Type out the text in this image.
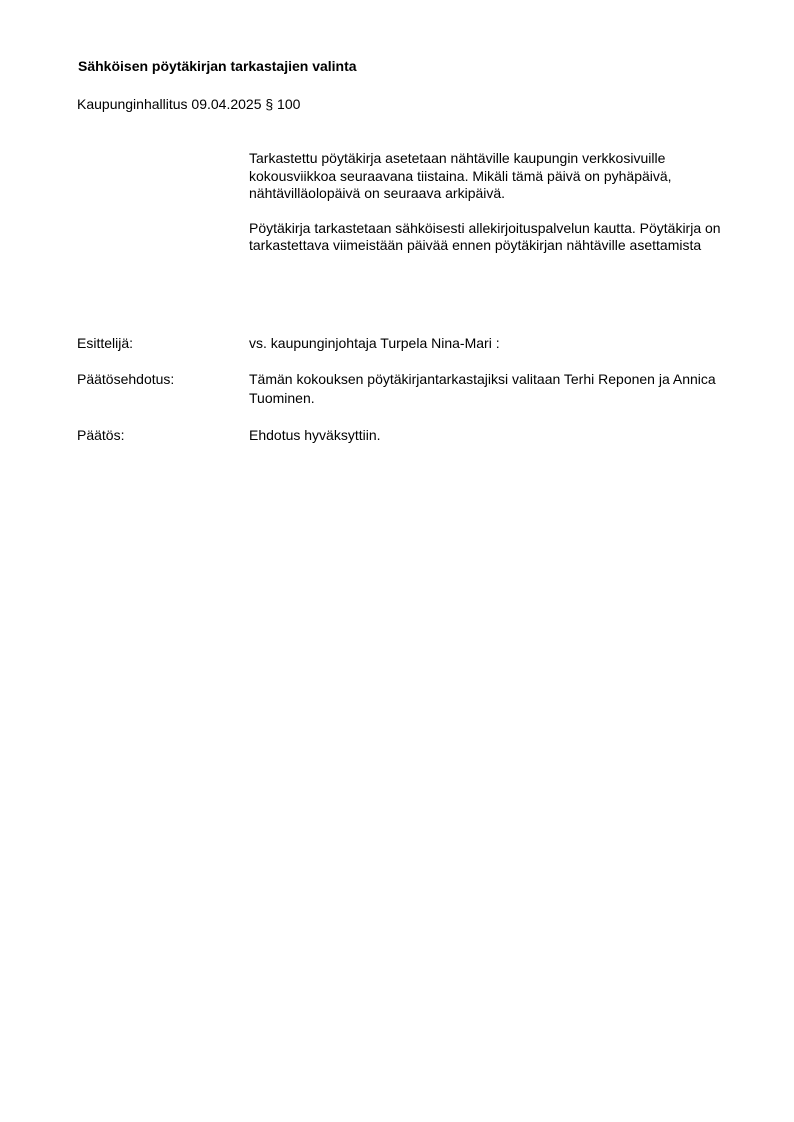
Sähköisen pöytäkirjan tarkastajien valinta
Kaupunginhallitus 09.04.2025 § 100

Tarkastettu pöytäkirja asetetaan nähtäville kaupungin verkkosivuille kokousviikkoa seuraavana tiistaina. Mikäli tämä päivä on pyhäpäivä, nähtävilläolopäivä on seuraava arkipäivä.

Pöytäkirja tarkastetaan sähköisesti allekirjoituspalvelun kautta. Pöytäkirja on tarkastettava viimeistään päivää ennen pöytäkirjan nähtäville asettamista

Esittelijä:	vs. kaupunginjohtaja Turpela Nina-Mari :
Päätösehdotus:	Tämän kokouksen pöytäkirjantarkastajiksi valitaan Terhi Reponen ja Annica Tuominen.
Päätös:	Ehdotus hyväksyttiin.
